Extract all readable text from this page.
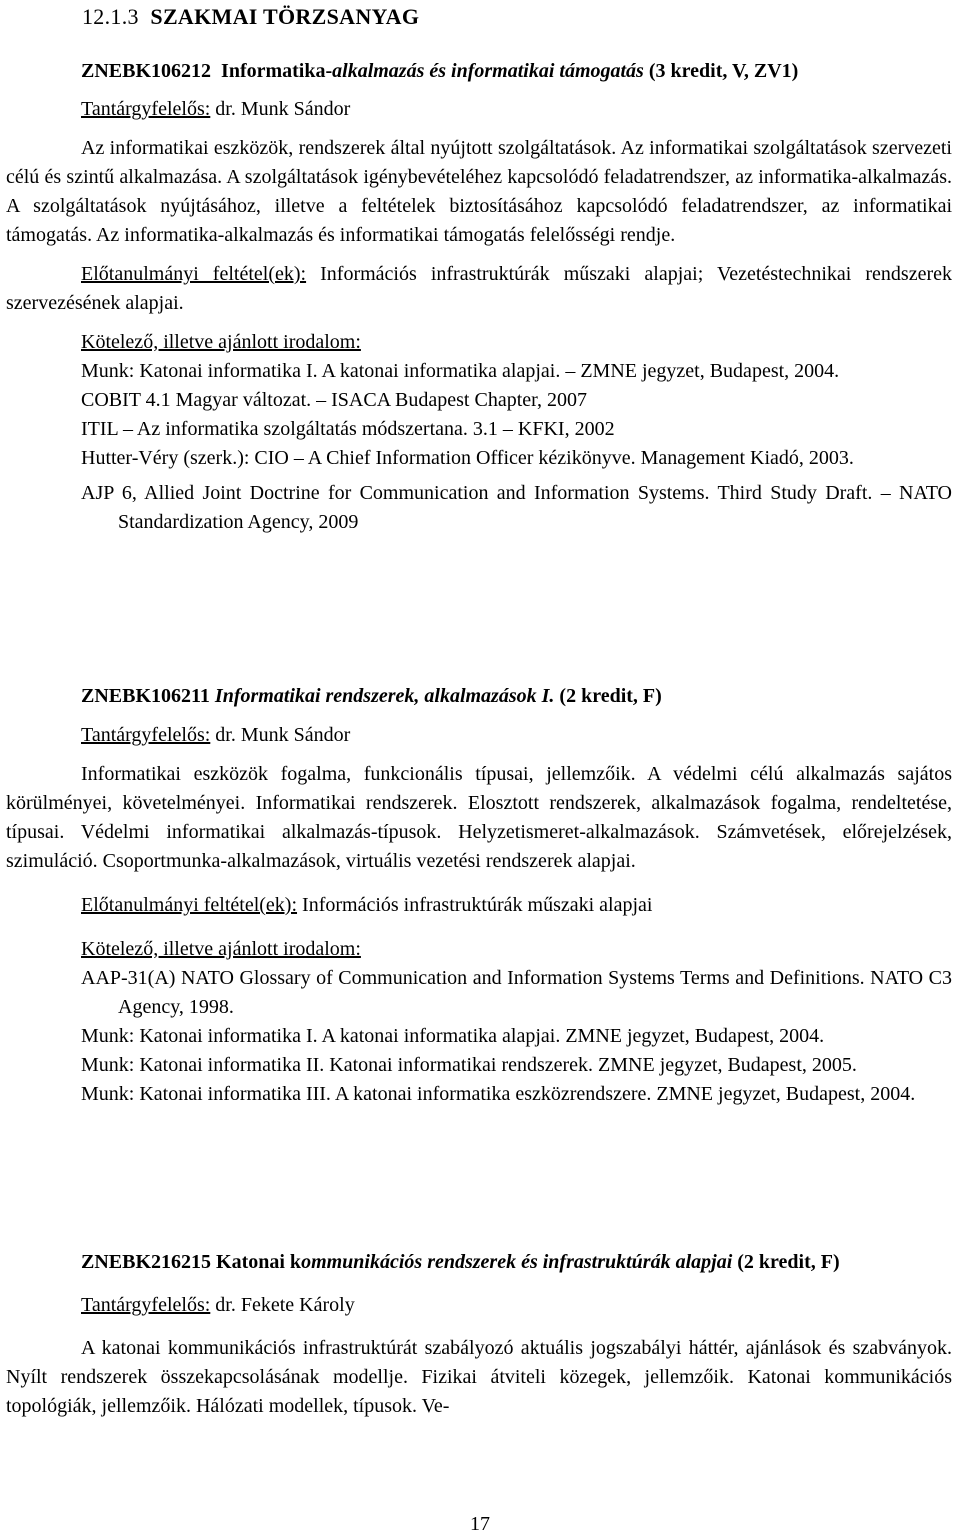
12.1.3 SZAKMAI TÖRZSANYAG

ZNEBK106212 Informatika-alkalmazás és informatikai támogatás (3 kredit, V, ZV1)

Tantárgyfelelős: dr. Munk Sándor

Az informatikai eszközök, rendszerek által nyújtott szolgáltatások. Az informatikai szolgáltatások szervezeti célú és szintű alkalmazása. A szolgáltatások igénybevételéhez kapcsolódó feladatrendszer, az informatika-alkalmazás. A szolgáltatások nyújtásához, illetve a feltételek biztosításához kapcsolódó feladatrendszer, az informatikai támogatás. Az informatika-alkalmazás és informatikai támogatás felelősségi rendje.

Előtanulmányi feltétel(ek): Információs infrastruktúrák műszaki alapjai; Vezetéstechnikai rendszerek szervezésének alapjai.

Kötelező, illetve ajánlott irodalom:

Munk: Katonai informatika I. A katonai informatika alapjai. – ZMNE jegyzet, Budapest, 2004.
COBIT 4.1 Magyar változat. – ISACA Budapest Chapter, 2007
ITIL – Az informatika szolgáltatás módszertana. 3.1 – KFKI, 2002
Hutter-Véry (szerk.): CIO – A Chief Information Officer kézikönyve. Management Kiadó, 2003.
AJP 6, Allied Joint Doctrine for Communication and Information Systems. Third Study Draft. – NATO Standardization Agency, 2009

ZNEBK106211 Informatikai rendszerek, alkalmazások I. (2 kredit, F)

Tantárgyfelelős: dr. Munk Sándor

Informatikai eszközök fogalma, funkcionális típusai, jellemzőik. A védelmi célú alkalmazás sajátos körülményei, követelményei. Informatikai rendszerek. Elosztott rendszerek, alkalmazások fogalma, rendeltetése, típusai. Védelmi informatikai alkalmazás-típusok. Helyzetismeret-alkalmazások. Számvetések, előrejelzések, szimuláció. Csoportmunka-alkalmazások, virtuális vezetési rendszerek alapjai.

Előtanulmányi feltétel(ek): Információs infrastruktúrák műszaki alapjai

Kötelező, illetve ajánlott irodalom:

AAP-31(A) NATO Glossary of Communication and Information Systems Terms and Definitions. NATO C3 Agency, 1998.
Munk: Katonai informatika I. A katonai informatika alapjai. ZMNE jegyzet, Budapest, 2004.
Munk: Katonai informatika II. Katonai informatikai rendszerek. ZMNE jegyzet, Budapest, 2005.
Munk: Katonai informatika III. A katonai informatika eszközrendszere. ZMNE jegyzet, Budapest, 2004.

ZNEBK216215 Katonai kommunikációs rendszerek és infrastruktúrák alapjai (2 kredit, F)

Tantárgyfelelős: dr. Fekete Károly

A katonai kommunikációs infrastruktúrát szabályozó aktuális jogszabályi háttér, ajánlások és szabványok. Nyílt rendszerek összekapcsolásának modellje. Fizikai átviteli közegek, jellemzőik. Katonai kommunikációs topológiák, jellemzőik. Hálózati modellek, típusok. Ve-

17
